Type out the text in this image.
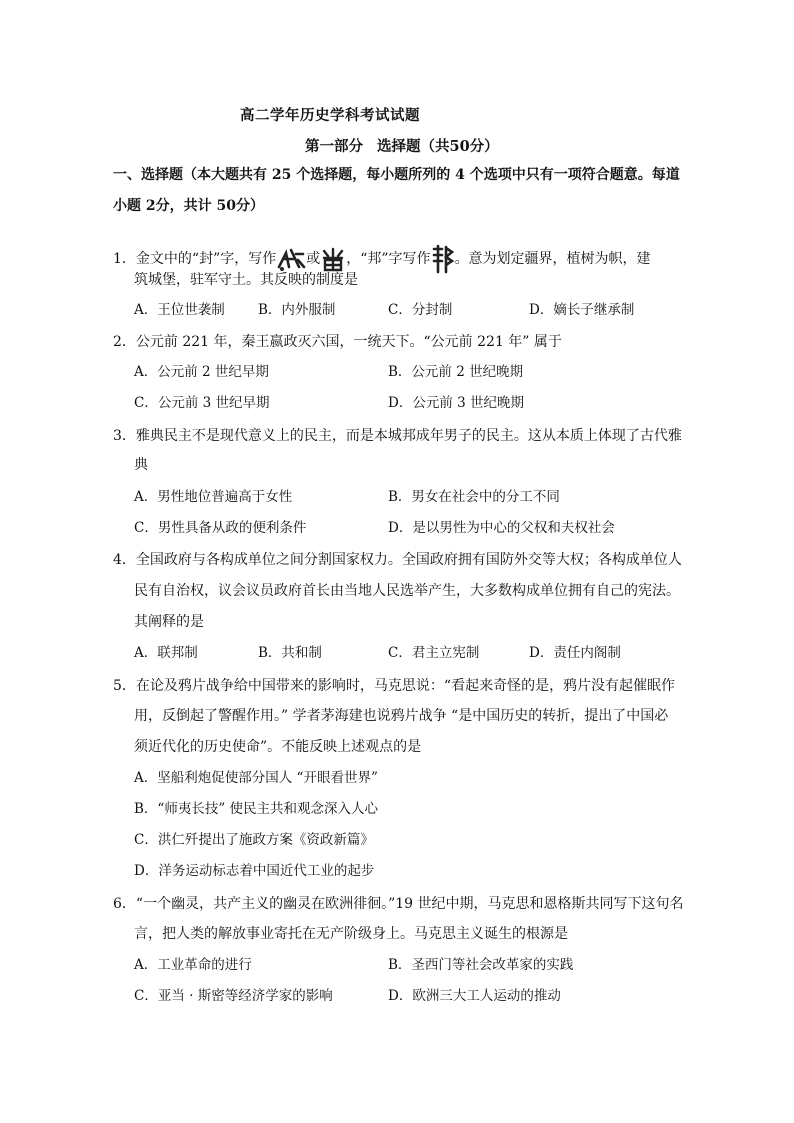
高二学年历史学科考试试题
第一部分 选择题（共50分）
一、选择题（本大题共有 25 个选择题，每小题所列的 4 个选项中只有一项符合题意。每道小题 2分，共计 50分）
1．金文中的“封”字，写作 或 ，“邦”字写作 。意为划定疆界，植树为帜，建
筑城堡，驻军守土。其反映的制度是
A．王位世袭制 B．内外服制	C．分封制	D．嫡长子继承制
2．公元前 221 年，秦王嬴政灭六国，一统天下。“公元前 221 年” 属于
A．公元前 2 世纪早期	B．公元前 2 世纪晚期
C．公元前 3 世纪早期	D．公元前 3 世纪晚期
3．雅典民主不是现代意义上的民主，而是本城邦成年男子的民主。这从本质上体现了古代雅
典
A．男性地位普遍高于女性	B．男女在社会中的分工不同
C．男性具备从政的便利条件	D．是以男性为中心的父权和夫权社会
4．全国政府与各构成单位之间分割国家权力。全国政府拥有国防外交等大权；各构成单位人
民有自治权，议会议员政府首长由当地人民选举产生，大多数构成单位拥有自己的宪法。
其阐释的是
A．联邦制	B．共和制	C．君主立宪制	D．责任内阁制
5．在论及鸦片战争给中国带来的影响时，马克思说：“看起来奇怪的是，鸦片没有起催眠作
用，反倒起了警醒作用。” 学者茅海建也说鸦片战争 “是中国历史的转折，提出了中国必
须近代化的历史使命”。不能反映上述观点的是
A．坚船利炮促使部分国人 “开眼看世界”
B．“师夷长技” 使民主共和观念深入人心
C．洪仁歼提出了施政方案《资政新篇》
D．洋务运动标志着中国近代工业的起步
6．“一个幽灵，共产主义的幽灵在欧洲徘徊。”19 世纪中期，马克思和恩格斯共同写下这句名
言，把人类的解放事业寄托在无产阶级身上。马克思主义诞生的根源是
A．工业革命的进行	B．圣西门等社会改革家的实践
C．亚当 · 斯密等经济学家的影响	D．欧洲三大工人运动的推动
